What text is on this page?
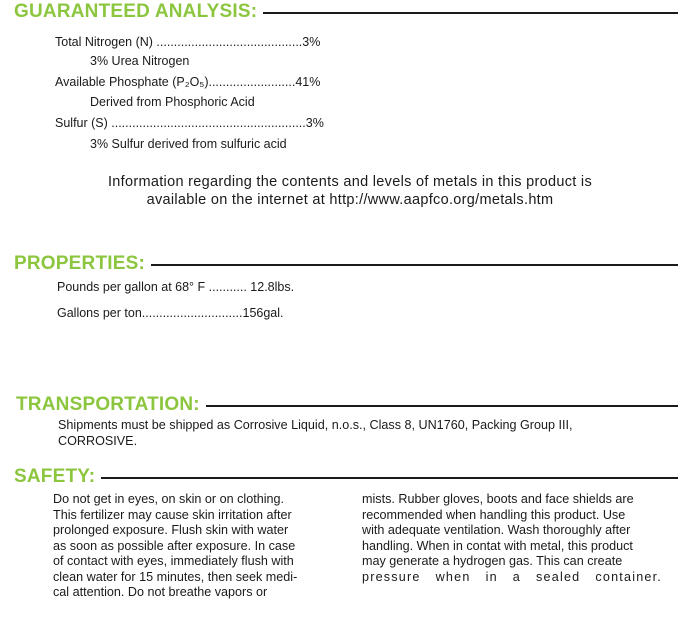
GUARANTEED ANALYSIS:
Total Nitrogen (N) ..........................................3%
3% Urea Nitrogen
Available Phosphate (P₂O₅).........................41%
Derived from Phosphoric Acid
Sulfur (S) ........................................................3%
3% Sulfur derived from sulfuric acid
Information regarding the contents and levels of metals in this product is
available on the internet at http://www.aapfco.org/metals.htm
PROPERTIES:
Pounds per gallon at 68° F ........... 12.8lbs.
Gallons per ton.............................156gal.
TRANSPORTATION:
Shipments must be shipped as Corrosive Liquid, n.o.s., Class 8, UN1760, Packing Group III,
CORROSIVE.
SAFETY:
Do not get in eyes, on skin or on clothing.
This fertilizer may cause skin irritation after
prolonged exposure. Flush skin with water
as soon as possible after exposure. In case
of contact with eyes, immediately flush with
clean water for 15 minutes, then seek medi-
cal attention. Do not breathe vapors or
mists. Rubber gloves, boots and face shields are
recommended when handling this product. Use
with adequate ventilation. Wash thoroughly after
handling. When in contat with metal, this product
may generate a hydrogen gas. This can create
pressure when in a sealed container.
